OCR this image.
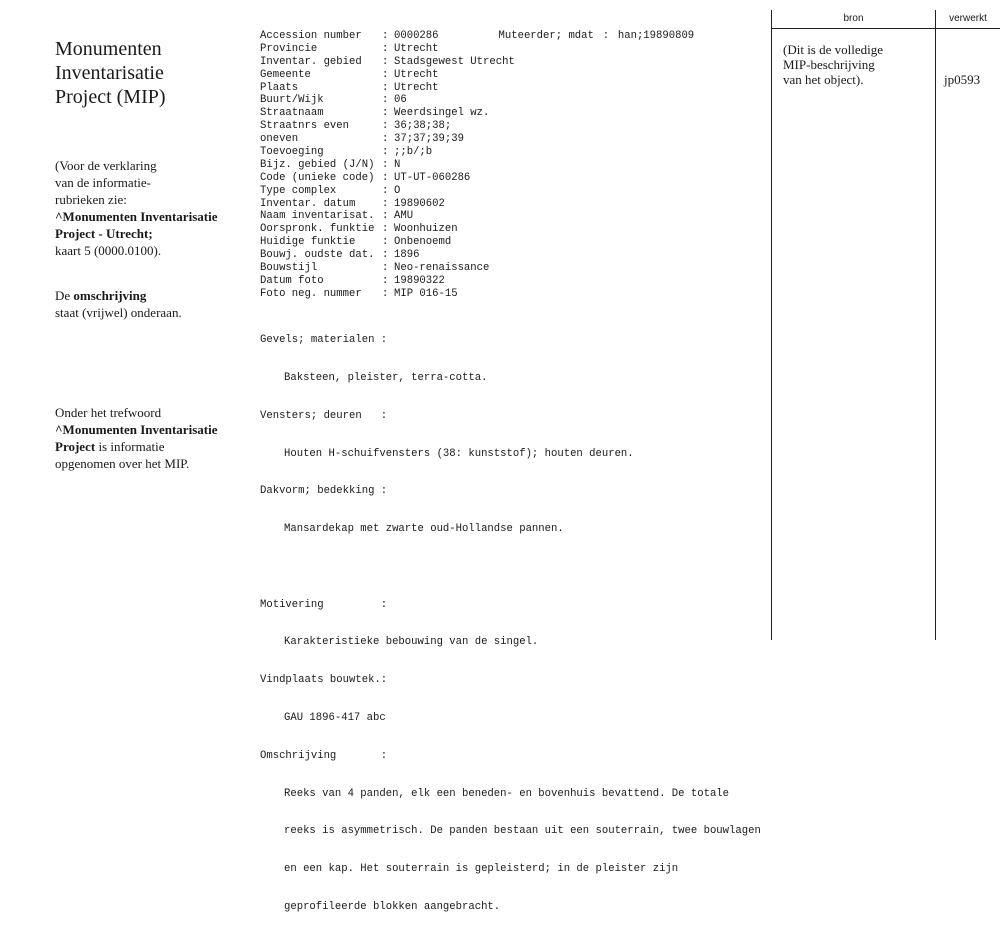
Monumenten
Inventarisatie
Project (MIP)
(Voor de verklaring
van de informatie-
rubrieken zie:
^Monumenten Inventarisatie
Project - Utrecht;
kaart 5 (0000.0100).
De omschrijving
staat (vrijwel) onderaan.
Onder het trefwoord
^Monumenten Inventarisatie
Project is informatie
opgenomen over het MIP.
Accession number : 0000286	Muteerder; mdat : han;19890809
Provincie	: Utrecht
Inventar. gebied : Stadsgewest Utrecht
Gemeente	: Utrecht
Plaats	: Utrecht
Buurt/Wijk	: 06
Straatnaam	: Weerdsingel wz.
Straatnrs even	: 36;38;38;
oneven	: 37;37;39;39
Toevoeging	: ;;b/;b
Bijz. gebied (J/N) : N
Code (unieke code) : UT-UT-060286
Type complex	: O
Inventar. datum	: 19890602
Naam inventarisat. : AMU
Oorspronk. funktie : Woonhuizen
Huidige funktie	: Onbenoemd
Bouwj. oudste dat. : 1896
Bouwstijl	: Neo-renaissance
Datum foto	: 19890322
Foto neg. nummer : MIP 016-15

Gevels; materialen :

Baksteen, pleister, terra-cotta.

Vensters; deuren   :

Houten H-schuifvensters (38: kunststof); houten deuren.

Dakvorm; bedekking :

Mansardekap met zwarte oud-Hollandse pannen.

Motivering         :

Karakteristieke bebouwing van de singel.

Vindplaats bouwtek.:

GAU 1896-417 abc

Omschrijving       :

Reeks van 4 panden, elk een beneden- en bovenhuis bevattend. De totale

reeks is asymmetrisch. De panden bestaan uit een souterrain, twee bouwlagen

en een kap. Het souterrain is gepleisterd; in de pleister zijn

geprofileerde blokken aangebracht.

bron	verwerkt
(Dit is de volledige
MIP-beschrijving
van het object).	jp0593
